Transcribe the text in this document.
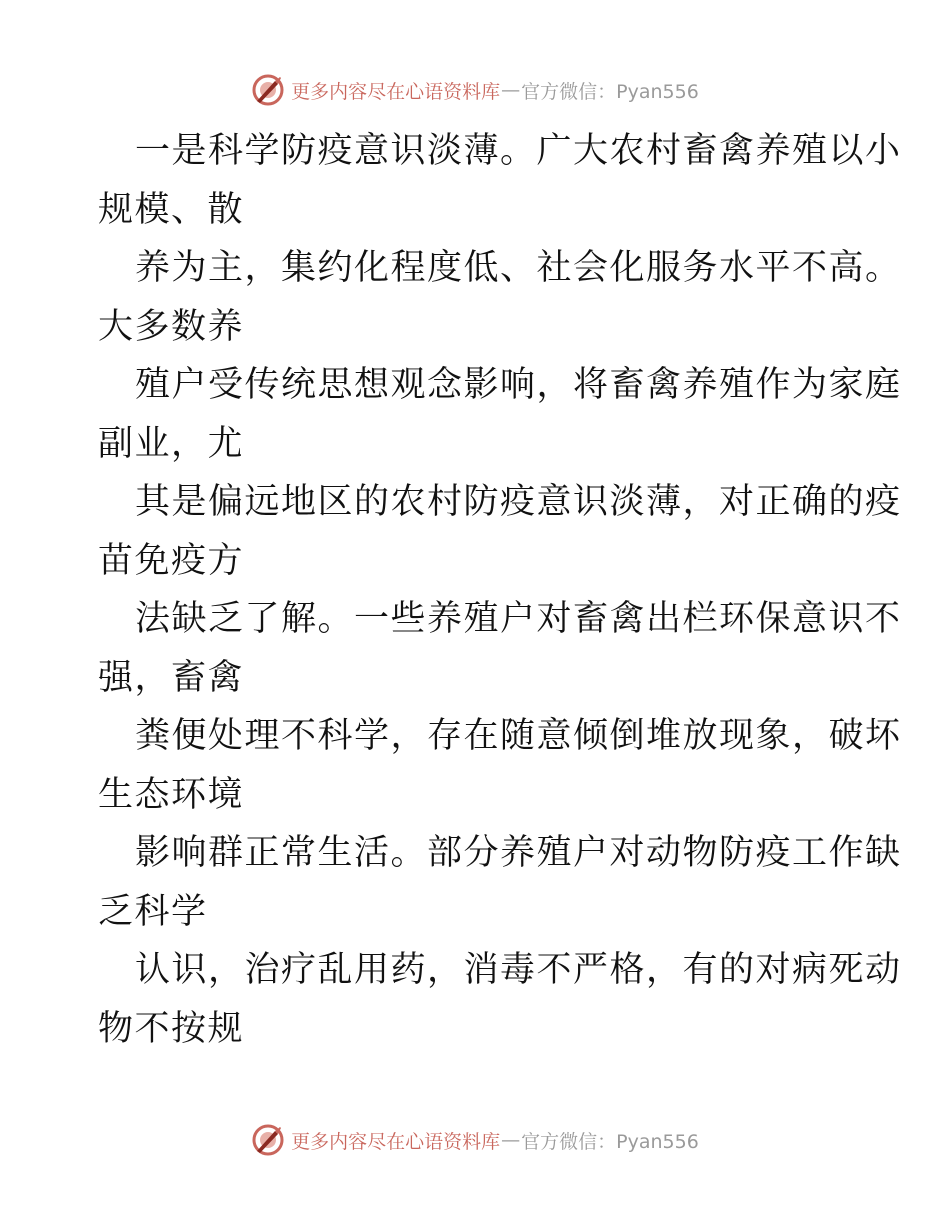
更多内容尽在心语资料库 — 官方微信：Pyan556
一是科学防疫意识淡薄。广大农村畜禽养殖以小
规模、散
养为主，集约化程度低、社会化服务水平不高。
大多数养
殖户受传统思想观念影响，将畜禽养殖作为家庭
副业，尤
其是偏远地区的农村防疫意识淡薄，对正确的疫
苗免疫方
法缺乏了解。一些养殖户对畜禽出栏环保意识不
强，畜禽
粪便处理不科学，存在随意倾倒堆放现象，破坏
生态环境
影响群正常生活。部分养殖户对动物防疫工作缺
乏科学
认识，治疗乱用药，消毒不严格，有的对病死动
物不按规
更多内容尽在心语资料库 — 官方微信：Pyan556
